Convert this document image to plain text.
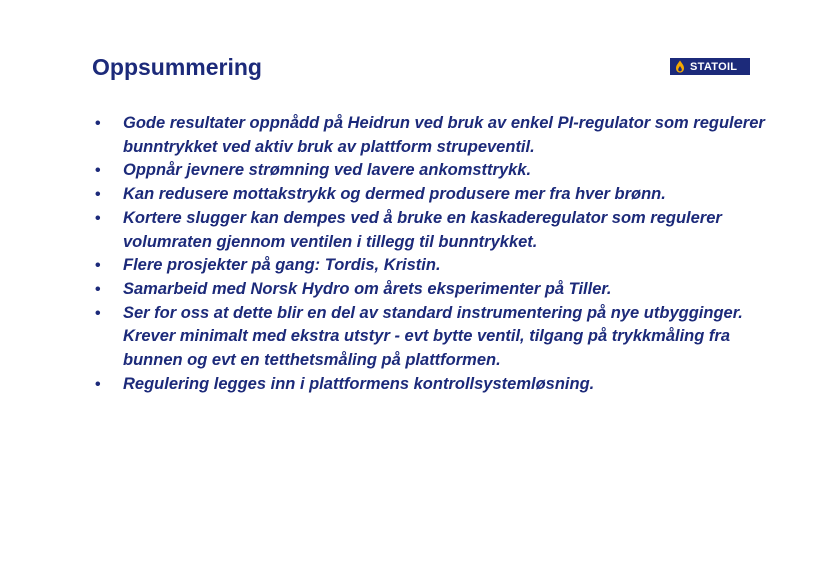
Oppsummering	STATOIL
•	Gode resultater oppnådd på Heidrun ved bruk av enkel PI-regulator som regulerer bunntrykket ved aktiv bruk av plattform strupeventil.
•	Oppnår jevnere strømning ved lavere ankomsttrykk.
•	Kan redusere mottakstrykk og dermed produsere mer fra hver brønn.
•	Kortere slugger kan dempes ved å bruke en kaskaderegulator som regulerer volumraten gjennom ventilen i tillegg til bunntrykket.
•	Flere prosjekter på gang: Tordis, Kristin.
•	Samarbeid med Norsk Hydro om årets eksperimenter på Tiller.
•	Ser for oss at dette blir en del av standard instrumentering på nye utbygginger. Krever minimalt med ekstra utstyr - evt bytte ventil, tilgang på trykkmåling fra bunnen og evt en tetthetsmåling på plattformen.
•	Regulering legges inn i plattformens kontrollsystemløsning.
